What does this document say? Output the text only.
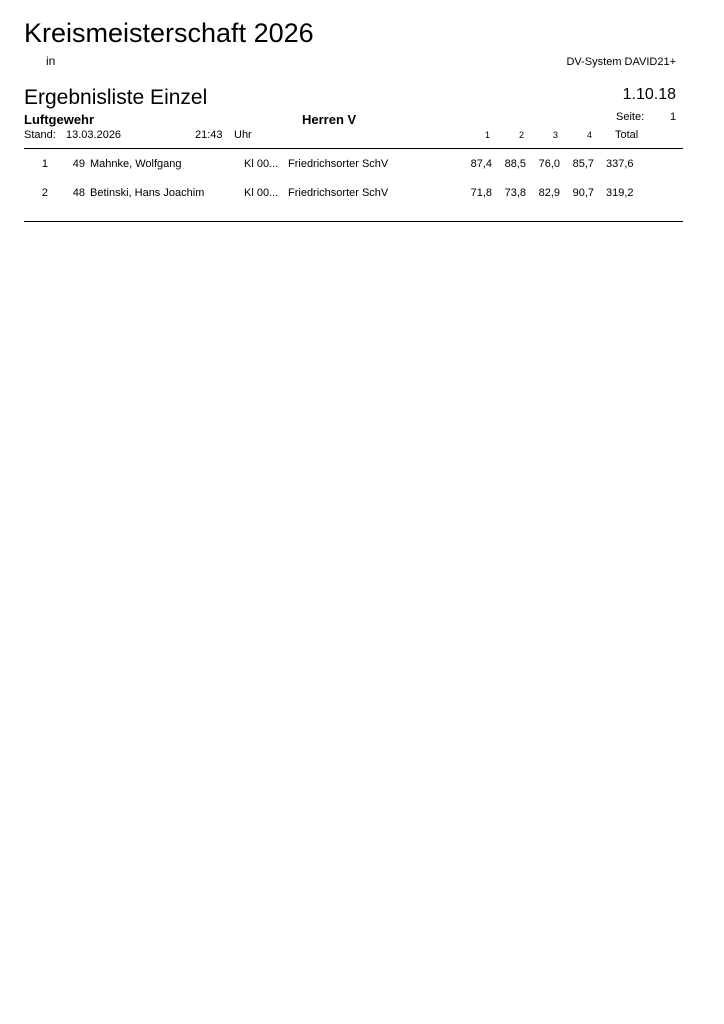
Kreismeisterschaft 2026
in	DV-System DAVID21+
Ergebnisliste Einzel	1.10.18
Luftgewehr	Herren V	Seite: 1
Stand: 13.03.2026	21:43 Uhr	1	2	3	4 Total
1	49 Mahnke, Wolfgang	Kl 00... Friedrichsorter SchV	87,4	88,5	76,0	85,7 337,6
2	48 Betinski, Hans Joachim	Kl 00... Friedrichsorter SchV	71,8	73,8	82,9	90,7 319,2
